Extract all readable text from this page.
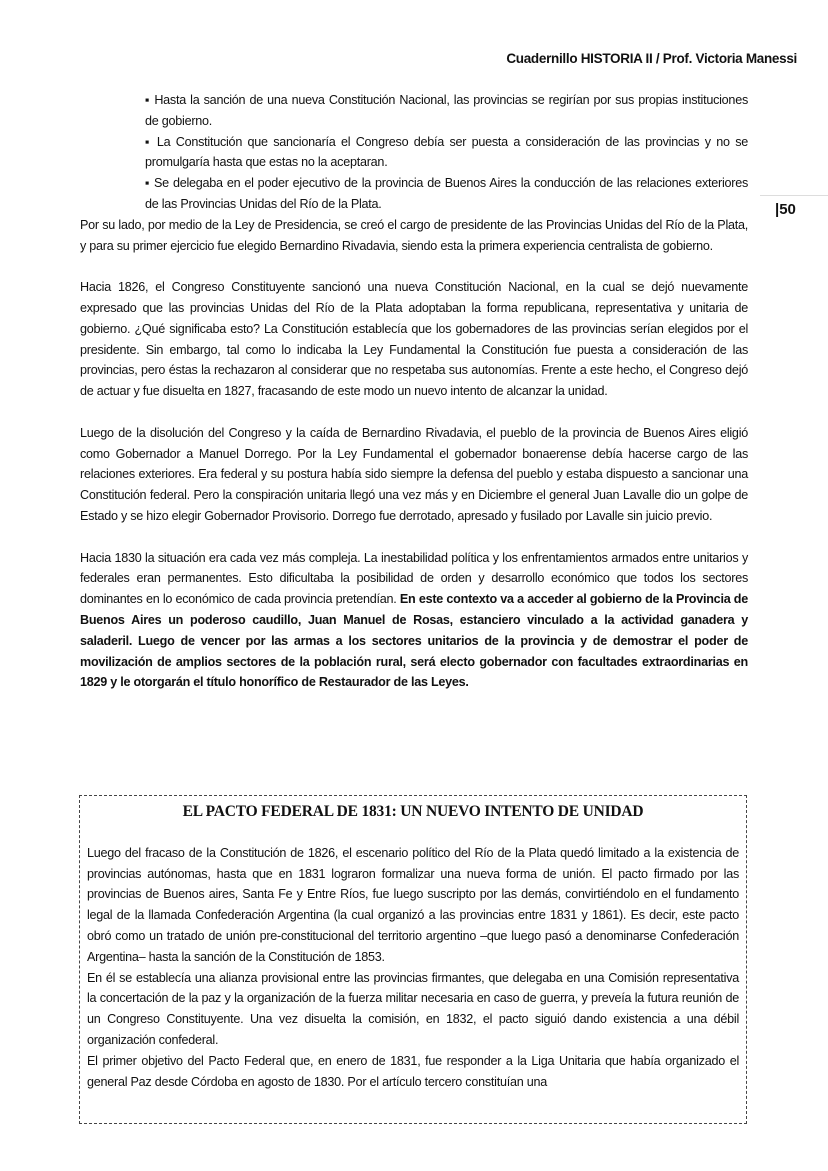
Cuadernillo HISTORIA II / Prof. Victoria Manessi
|50

▪ Hasta la sanción de una nueva Constitución Nacional, las provincias se regirían por sus propias instituciones de gobierno.

▪ La Constitución que sancionaría el Congreso debía ser puesta a consideración de las provincias y no se promulgaría hasta que estas no la aceptaran.

▪ Se delegaba en el poder ejecutivo de la provincia de Buenos Aires la conducción de las relaciones exteriores de las Provincias Unidas del Río de la Plata.

Por su lado, por medio de la Ley de Presidencia, se creó el cargo de presidente de las Provincias Unidas del Río de la Plata, y para su primer ejercicio fue elegido Bernardino Rivadavia, siendo esta la primera experiencia centralista de gobierno.

Hacia 1826, el Congreso Constituyente sancionó una nueva Constitución Nacional, en la cual se dejó nuevamente expresado que las provincias Unidas del Río de la Plata adoptaban la forma republicana, representativa y unitaria de gobierno. ¿Qué significaba esto? La Constitución establecía que los gobernadores de las provincias serían elegidos por el presidente. Sin embargo, tal como lo indicaba la Ley Fundamental la Constitución fue puesta a consideración de las provincias, pero éstas la rechazaron al considerar que no respetaba sus autonomías. Frente a este hecho, el Congreso dejó de actuar y fue disuelta en 1827, fracasando de este modo un nuevo intento de alcanzar la unidad.

Luego de la disolución del Congreso y la caída de Bernardino Rivadavia, el pueblo de la provincia de Buenos Aires eligió como Gobernador a Manuel Dorrego. Por la Ley Fundamental el gobernador bonaerense debía hacerse cargo de las relaciones exteriores. Era federal y su postura había sido siempre la defensa del pueblo y estaba dispuesto a sancionar una Constitución federal. Pero la conspiración unitaria llegó una vez más y en Diciembre el general Juan Lavalle dio un golpe de Estado y se hizo elegir Gobernador Provisorio. Dorrego fue derrotado, apresado y fusilado por Lavalle sin juicio previo.

Hacia 1830 la situación era cada vez más compleja. La inestabilidad política y los enfrentamientos armados entre unitarios y federales eran permanentes. Esto dificultaba la posibilidad de orden y desarrollo económico que todos los sectores dominantes en lo económico de cada provincia pretendían. En este contexto va a acceder al gobierno de la Provincia de Buenos Aires un poderoso caudillo, Juan Manuel de Rosas, estanciero vinculado a la actividad ganadera y saladeril. Luego de vencer por las armas a los sectores unitarios de la provincia y de demostrar el poder de movilización de amplios sectores de la población rural, será electo gobernador con facultades extraordinarias en 1829 y le otorgarán el título honorífico de Restaurador de las Leyes.

EL PACTO FEDERAL DE 1831: UN NUEVO INTENTO DE UNIDAD

Luego del fracaso de la Constitución de 1826, el escenario político del Río de la Plata quedó limitado a la existencia de provincias autónomas, hasta que en 1831 lograron formalizar una nueva forma de unión. El pacto firmado por las provincias de Buenos aires, Santa Fe y Entre Ríos, fue luego suscripto por las demás, convirtiéndolo en el fundamento legal de la llamada Confederación Argentina (la cual organizó a las provincias entre 1831 y 1861). Es decir, este pacto obró como un tratado de unión pre-constitucional del territorio argentino –que luego pasó a denominarse Confederación Argentina– hasta la sanción de la Constitución de 1853.

En él se establecía una alianza provisional entre las provincias firmantes, que delegaba en una Comisión representativa la concertación de la paz y la organización de la fuerza militar necesaria en caso de guerra, y preveía la futura reunión de un Congreso Constituyente. Una vez disuelta la comisión, en 1832, el pacto siguió dando existencia a una débil organización confederal.

El primer objetivo del Pacto Federal que, en enero de 1831, fue responder a la Liga Unitaria que había organizado el general Paz desde Córdoba en agosto de 1830. Por el artículo tercero constituían una
